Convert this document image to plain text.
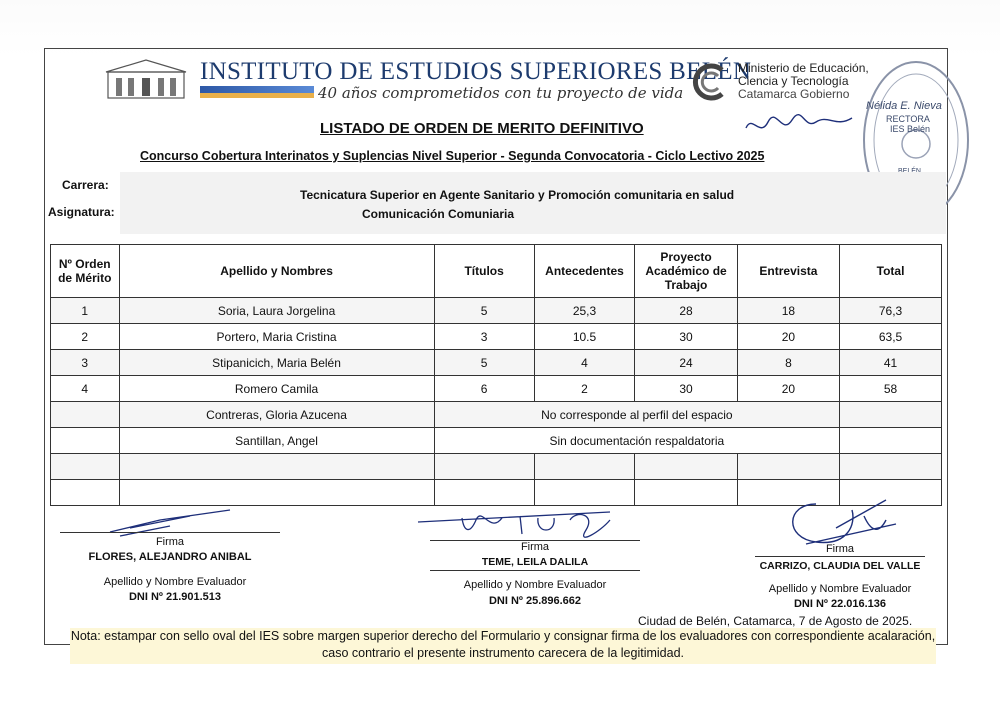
INSTITUTO DE ESTUDIOS SUPERIORES BELÉN
40 años comprometidos con tu proyecto de vida
Ministerio de Educación,
Ciencia y Tecnología
Catamarca Gobierno
Nélida E. Nieva
RECTORA
IES Belén
LISTADO DE ORDEN DE MERITO DEFINITIVO
Concurso Cobertura Interinatos y Suplencias Nivel Superior - Segunda Convocatoria - Ciclo Lectivo 2025
Carrera:
Asignatura:
Tecnicatura Superior en Agente Sanitario y Promoción comunitaria en salud
Comunicación Comuniaria
Nº Orden de Mérito	Apellido y Nombres	Títulos	Antecedentes	Proyecto Académico de Trabajo	Entrevista	Total
1	Soria, Laura Jorgelina	5	25,3	28	18	76,3
2	Portero, Maria Cristina	3	10.5	30	20	63,5
3	Stipanicich, Maria Belén	5	4	24	8	41
4	Romero Camila	6	2	30	20	58
	Contreras, Gloria Azucena	No corresponde al perfil del espacio				
	Santillan, Angel	Sin documentación respaldatoria				

Firma
FLORES, ALEJANDRO ANIBAL
Apellido y Nombre Evaluador
DNI Nº 21.901.513
Firma
TEME, LEILA DALILA
Apellido y Nombre Evaluador
DNI Nº 25.896.662
Firma
CARRIZO, CLAUDIA DEL VALLE
Apellido y Nombre Evaluador
DNI Nº 22.016.136
Ciudad de Belén, Catamarca, 7 de Agosto de 2025.
Nota: estampar con sello oval del IES sobre margen superior derecho del Formulario y consignar firma de los evaluadores con correspondiente acalaración, caso contrario el presente instrumento carecera de la legitimidad.
